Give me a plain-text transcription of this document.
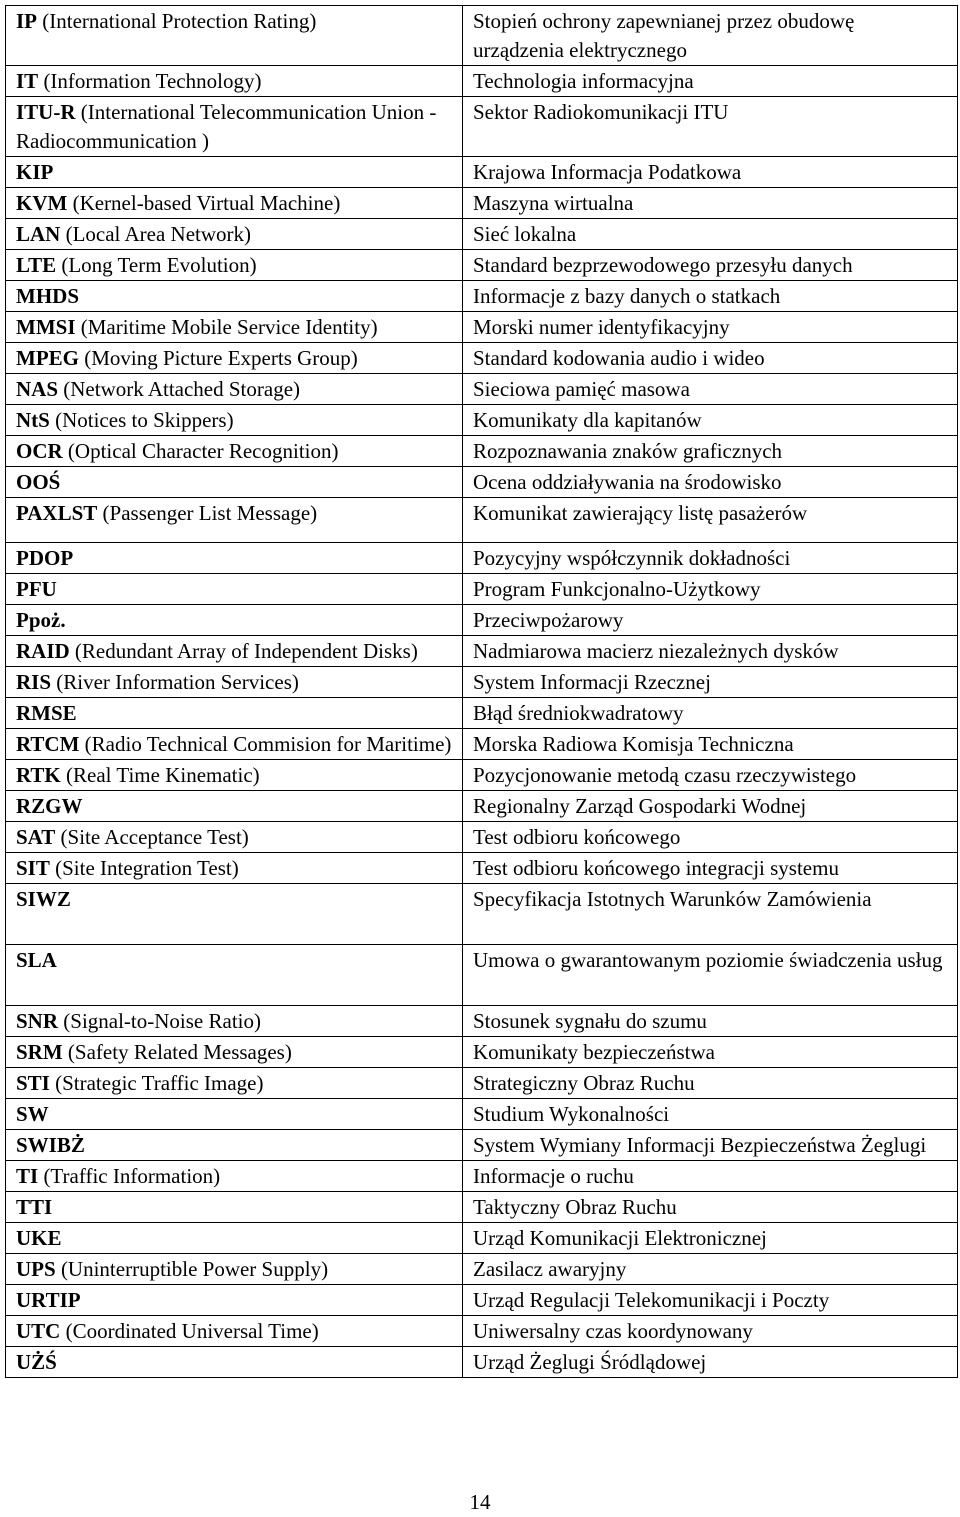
IP (International Protection Rating)	Stopień ochrony zapewnianej przez obudowę urządzenia elektrycznego
IT (Information Technology)	Technologia informacyjna
ITU-R (International Telecommunication Union - Radiocommunication )	Sektor Radiokomunikacji ITU
KIP	Krajowa Informacja Podatkowa
KVM (Kernel-based Virtual Machine)	Maszyna wirtualna
LAN (Local Area Network)	Sieć lokalna
LTE (Long Term Evolution)	Standard bezprzewodowego przesyłu danych
MHDS	Informacje z bazy danych o statkach
MMSI (Maritime Mobile Service Identity)	Morski numer identyfikacyjny
MPEG (Moving Picture Experts Group)	Standard kodowania audio i wideo
NAS (Network Attached Storage)	Sieciowa pamięć masowa
NtS (Notices to Skippers)	Komunikaty dla kapitanów
OCR (Optical Character Recognition)	Rozpoznawania znaków graficznych
OOŚ	Ocena oddziaływania na środowisko
PAXLST (Passenger List Message)	Komunikat zawierający listę pasażerów
PDOP	Pozycyjny współczynnik dokładności
PFU	Program Funkcjonalno-Użytkowy
Ppoż.	Przeciwpożarowy
RAID (Redundant Array of Independent Disks)	Nadmiarowa macierz niezależnych dysków
RIS (River Information Services)	System Informacji Rzecznej
RMSE	Błąd średniokwadratowy
RTCM (Radio Technical Commision for Maritime)	Morska Radiowa Komisja Techniczna
RTK (Real Time Kinematic)	Pozycjonowanie metodą czasu rzeczywistego
RZGW	Regionalny Zarząd Gospodarki Wodnej
SAT (Site Acceptance Test)	Test odbioru końcowego
SIT (Site Integration Test)	Test odbioru końcowego integracji systemu
SIWZ	Specyfikacja Istotnych Warunków Zamówienia
SLA	Umowa o gwarantowanym poziomie świadczenia usług
SNR (Signal-to-Noise Ratio)	Stosunek sygnału do szumu
SRM (Safety Related Messages)	Komunikaty bezpieczeństwa
STI (Strategic Traffic Image)	Strategiczny Obraz Ruchu
SW	Studium Wykonalności
SWIBŻ	System Wymiany Informacji Bezpieczeństwa Żeglugi
TI (Traffic Information)	Informacje o ruchu
TTI	Taktyczny Obraz Ruchu
UKE	Urząd Komunikacji Elektronicznej
UPS (Uninterruptible Power Supply)	Zasilacz awaryjny
URTIP	Urząd Regulacji Telekomunikacji i Poczty
UTC (Coordinated Universal Time)	Uniwersalny czas koordynowany
UŻŚ	Urząd Żeglugi Śródlądowej
14
